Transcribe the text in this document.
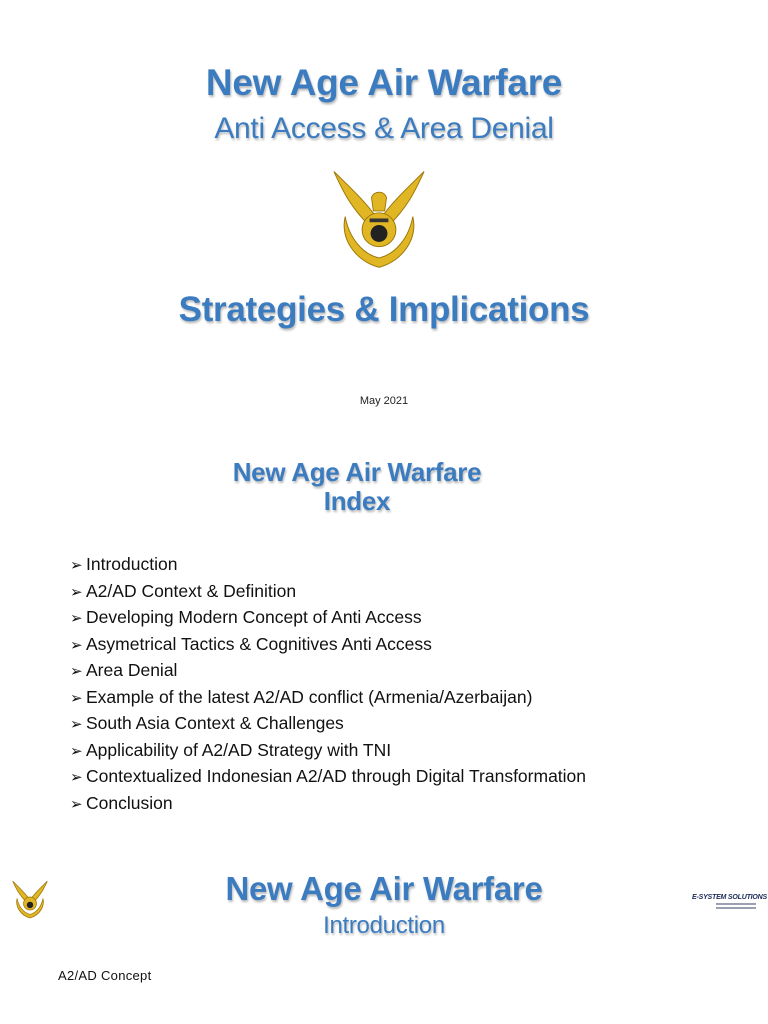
New Age Air Warfare
Anti Access & Area Denial
Strategies & Implications
May 2021
New Age Air Warfare
Index
➢ Introduction
➢ A2/AD Context & Definition
➢ Developing Modern Concept of Anti Access
➢ Asymetrical Tactics & Cognitives Anti Access
➢ Area Denial
➢ Example of the latest A2/AD conflict (Armenia/Azerbaijan)
➢ South Asia Context & Challenges
➢ Applicability of A2/AD Strategy with TNI
➢ Contextualized Indonesian A2/AD through Digital Transformation
➢ Conclusion
New Age Air Warfare
Introduction
E-SYSTEM SOLUTIONS
A2/AD Concept
